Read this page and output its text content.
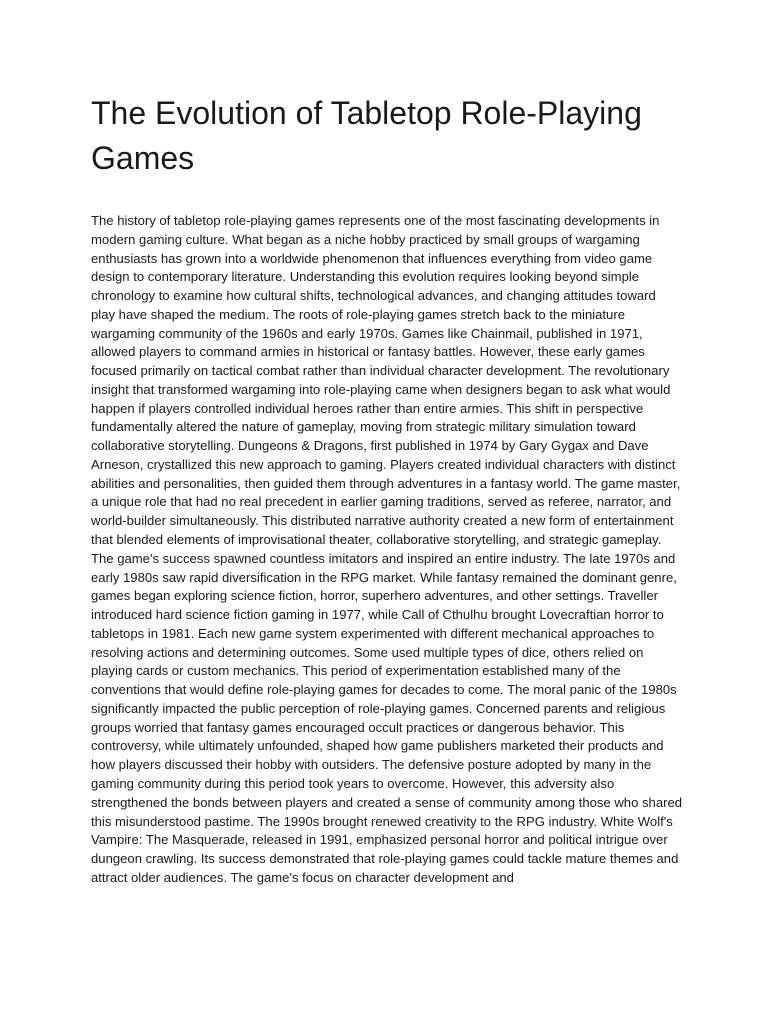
The Evolution of Tabletop Role-Playing Games

The history of tabletop role-playing games represents one of the most fascinating developments in modern gaming culture. What began as a niche hobby practiced by small groups of wargaming enthusiasts has grown into a worldwide phenomenon that influences everything from video game design to contemporary literature. Understanding this evolution requires looking beyond simple chronology to examine how cultural shifts, technological advances, and changing attitudes toward play have shaped the medium. The roots of role-playing games stretch back to the miniature wargaming community of the 1960s and early 1970s. Games like Chainmail, published in 1971, allowed players to command armies in historical or fantasy battles. However, these early games focused primarily on tactical combat rather than individual character development. The revolutionary insight that transformed wargaming into role-playing came when designers began to ask what would happen if players controlled individual heroes rather than entire armies. This shift in perspective fundamentally altered the nature of gameplay, moving from strategic military simulation toward collaborative storytelling. Dungeons & Dragons, first published in 1974 by Gary Gygax and Dave Arneson, crystallized this new approach to gaming. Players created individual characters with distinct abilities and personalities, then guided them through adventures in a fantasy world. The game master, a unique role that had no real precedent in earlier gaming traditions, served as referee, narrator, and world-builder simultaneously. This distributed narrative authority created a new form of entertainment that blended elements of improvisational theater, collaborative storytelling, and strategic gameplay. The game's success spawned countless imitators and inspired an entire industry. The late 1970s and early 1980s saw rapid diversification in the RPG market. While fantasy remained the dominant genre, games began exploring science fiction, horror, superhero adventures, and other settings. Traveller introduced hard science fiction gaming in 1977, while Call of Cthulhu brought Lovecraftian horror to tabletops in 1981. Each new game system experimented with different mechanical approaches to resolving actions and determining outcomes. Some used multiple types of dice, others relied on playing cards or custom mechanics. This period of experimentation established many of the conventions that would define role-playing games for decades to come. The moral panic of the 1980s significantly impacted the public perception of role-playing games. Concerned parents and religious groups worried that fantasy games encouraged occult practices or dangerous behavior. This controversy, while ultimately unfounded, shaped how game publishers marketed their products and how players discussed their hobby with outsiders. The defensive posture adopted by many in the gaming community during this period took years to overcome. However, this adversity also strengthened the bonds between players and created a sense of community among those who shared this misunderstood pastime. The 1990s brought renewed creativity to the RPG industry. White Wolf's Vampire: The Masquerade, released in 1991, emphasized personal horror and political intrigue over dungeon crawling. Its success demonstrated that role-playing games could tackle mature themes and attract older audiences. The game's focus on character development and
